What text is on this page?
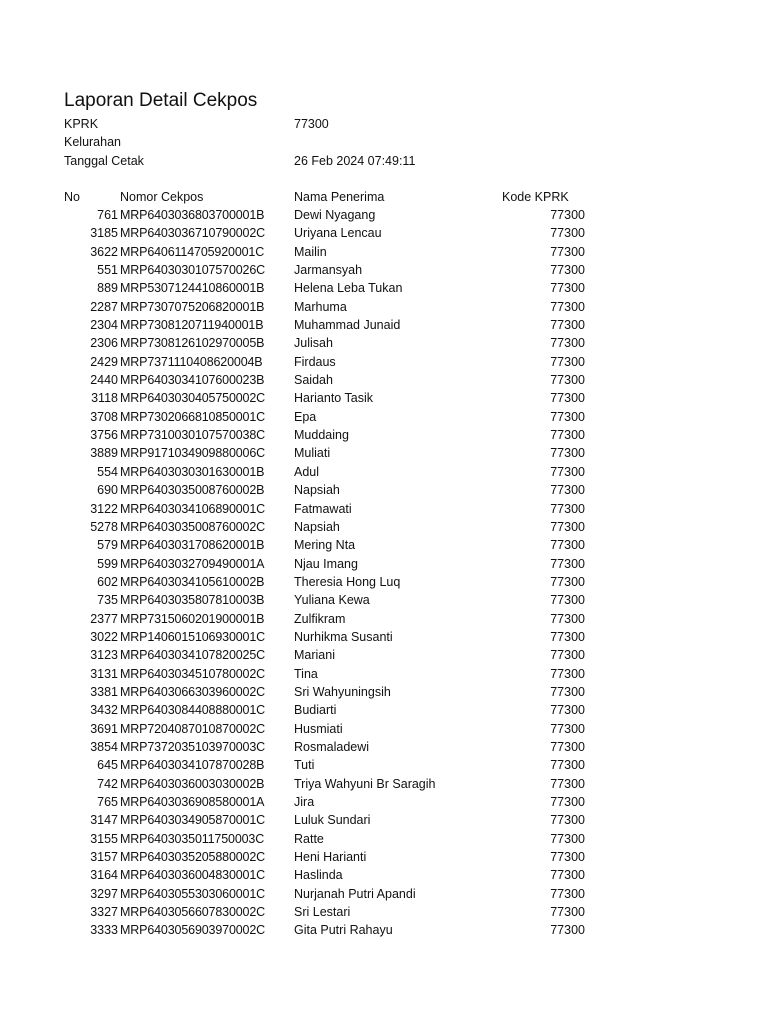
Laporan Detail Cekpos
KPRK	77300
Kelurahan
Tanggal Cetak	26 Feb 2024 07:49:11
No	Nomor Cekpos	Nama Penerima	Kode KPRK
761 MRP6403036803700001B Dewi Nyagang	77300
3185 MRP6403036710790002C Uriyana Lencau	77300
3622 MRP6406114705920001C Mailin	77300
551 MRP6403030107570026C Jarmansyah	77300
889 MRP5307124410860001B Helena Leba Tukan	77300
2287 MRP7307075206820001B Marhuma	77300
2304 MRP7308120711940001B Muhammad Junaid	77300
2306 MRP7308126102970005B Julisah	77300
2429 MRP7371110408620004B	Firdaus	77300
2440 MRP6403034107600023B Saidah	77300
3118 MRP6403030405750002C Harianto Tasik	77300
3708 MRP7302066810850001C Epa	77300
3756 MRP7310030107570038C Muddaing	77300
3889 MRP9171034909880006C Muliati	77300
554 MRP6403030301630001B Adul	77300
690 MRP6403035008760002B Napsiah	77300
3122 MRP6403034106890001C Fatmawati	77300
5278 MRP6403035008760002C Napsiah	77300
579 MRP6403031708620001B Mering Nta	77300
599 MRP6403032709490001A Njau Imang	77300
602 MRP6403034105610002B Theresia Hong Luq	77300
735 MRP6403035807810003B Yuliana Kewa	77300
2377 MRP7315060201900001B Zulfikram	77300
3022 MRP1406015106930001C Nurhikma Susanti	77300
3123 MRP6403034107820025C Mariani	77300
3131 MRP6403034510780002C Tina	77300
3381 MRP6403066303960002C Sri Wahyuningsih	77300
3432 MRP6403084408880001C Budiarti	77300
3691 MRP7204087010870002C Husmiati	77300
3854 MRP7372035103970003C Rosmaladewi	77300
645 MRP6403034107870028B Tuti	77300
742 MRP6403036003030002B Triya Wahyuni Br Saragih	77300
765 MRP6403036908580001A Jira	77300
3147 MRP6403034905870001C Luluk Sundari	77300
3155 MRP6403035011750003C Ratte	77300
3157 MRP6403035205880002C Heni Harianti	77300
3164 MRP6403036004830001C Haslinda	77300
3297 MRP6403055303060001C Nurjanah Putri Apandi	77300
3327 MRP6403056607830002C Sri Lestari	77300
3333 MRP6403056903970002C Gita Putri Rahayu	77300
